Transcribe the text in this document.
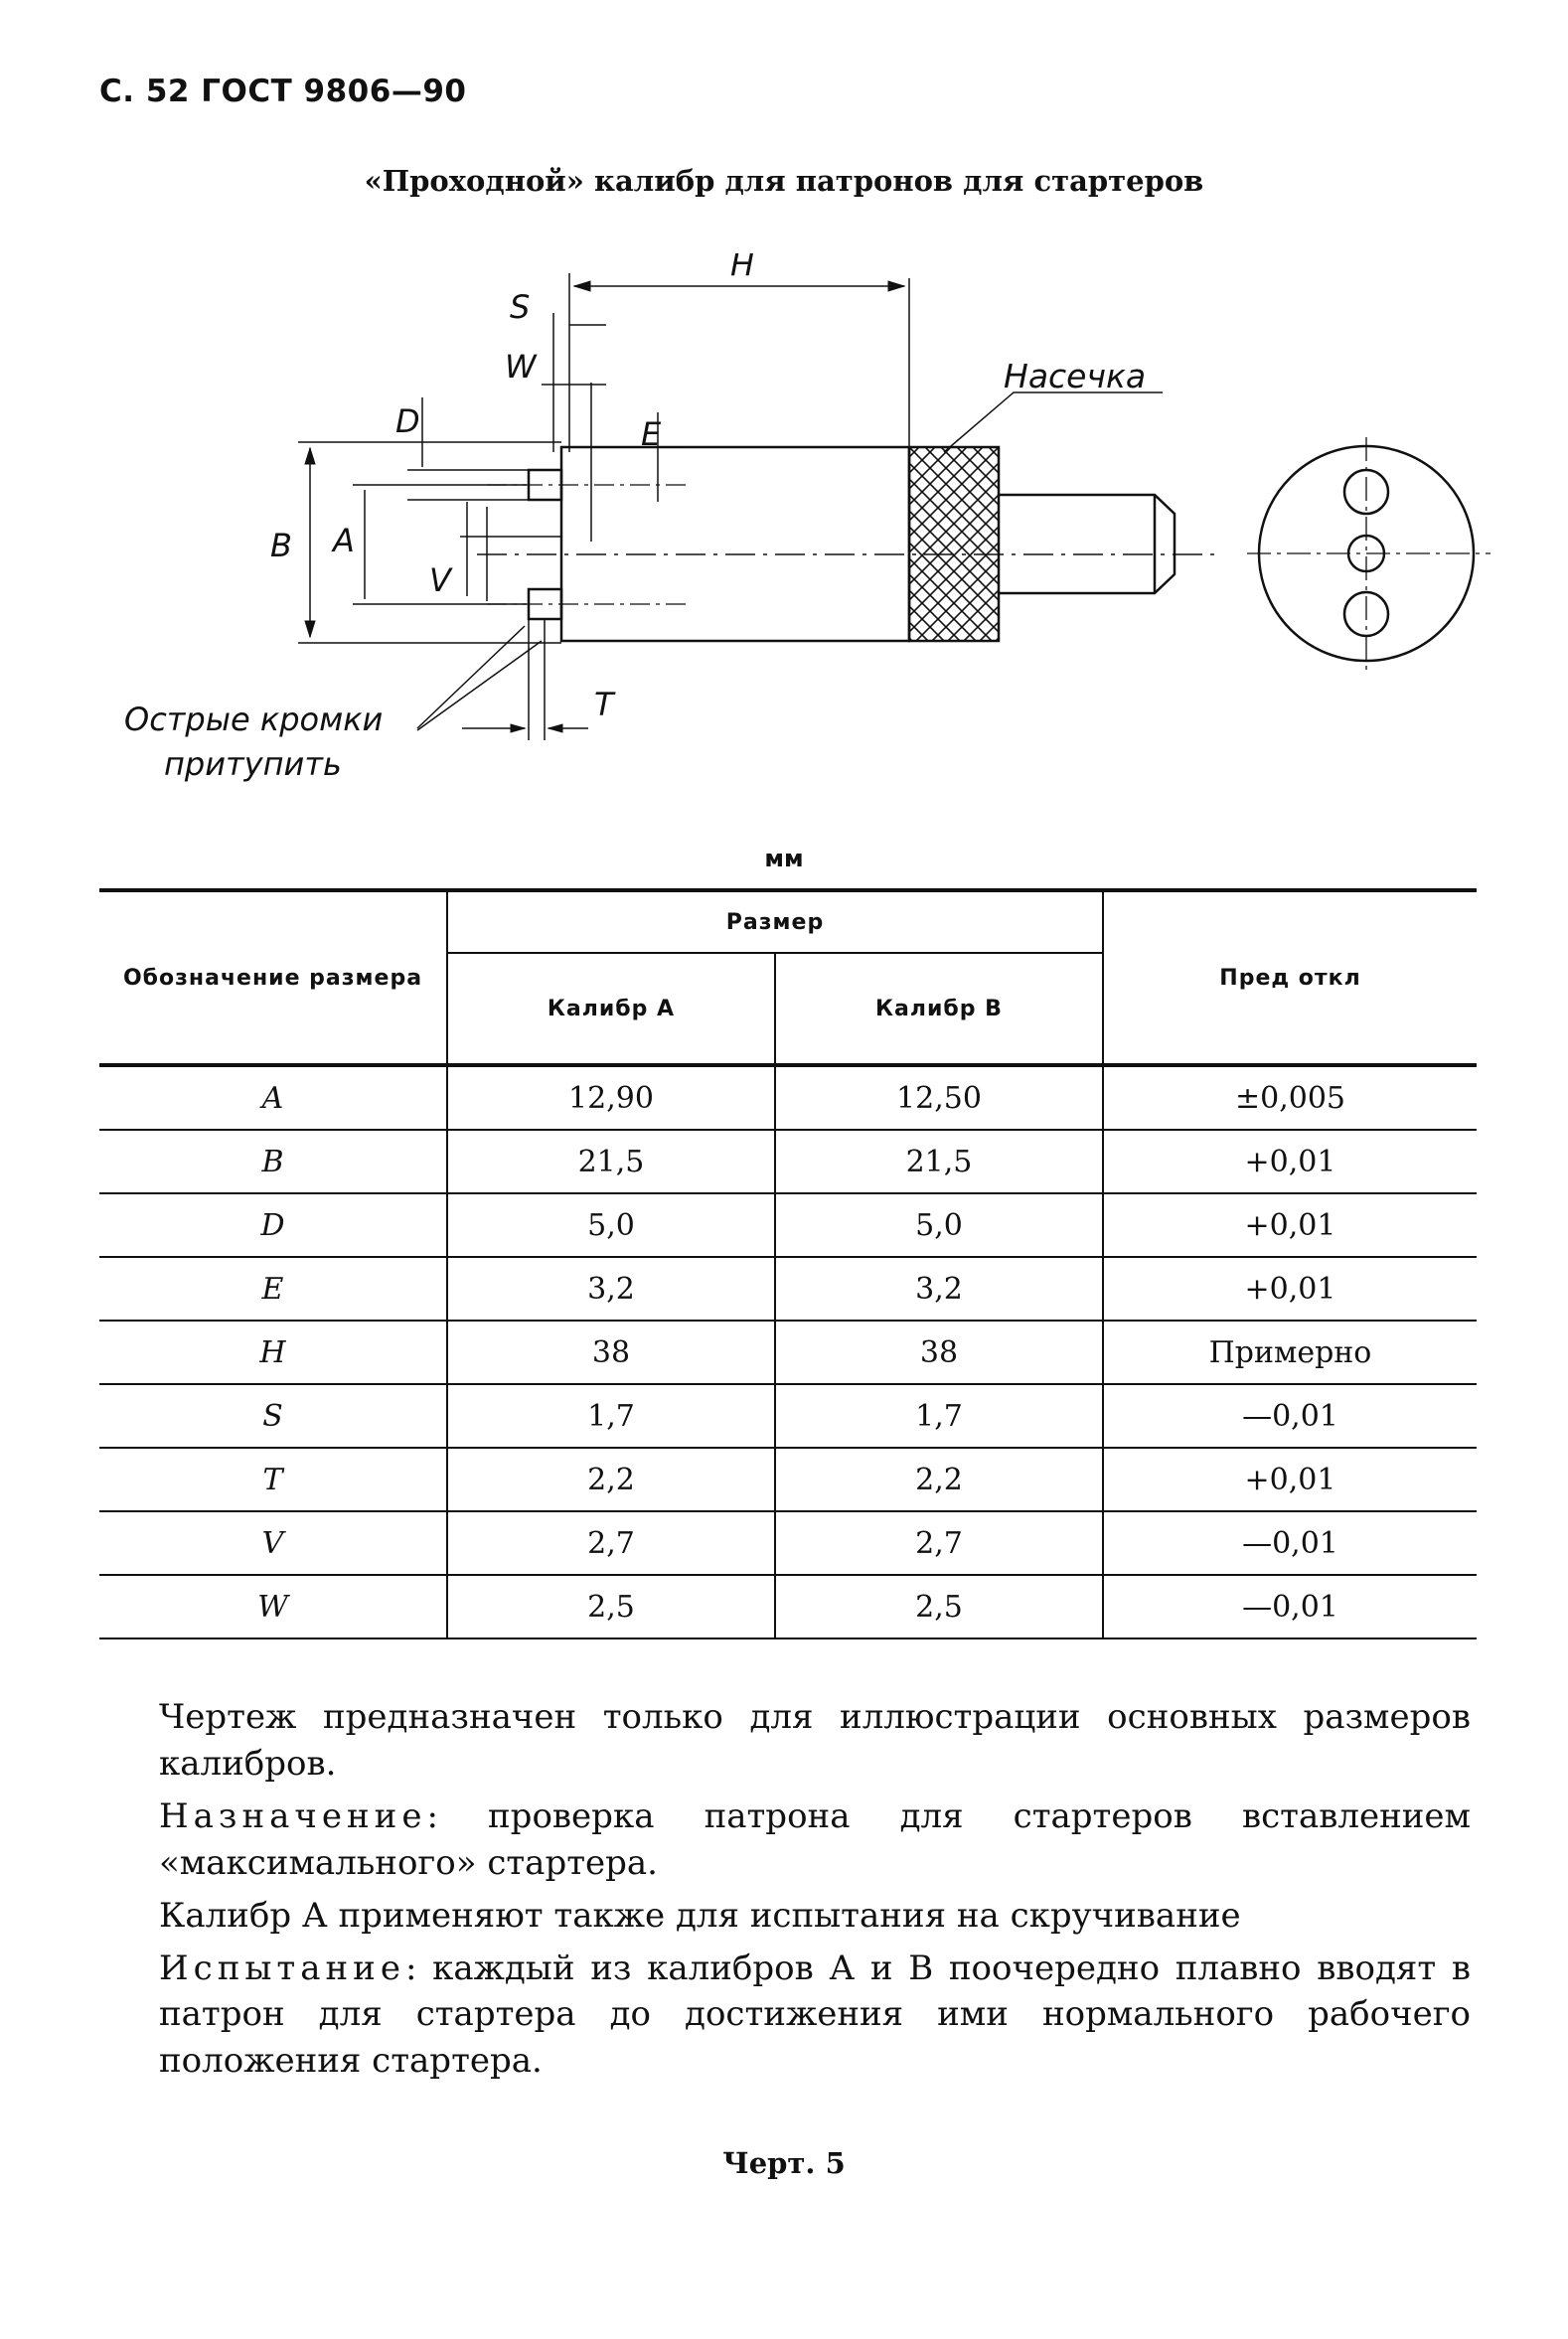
С. 52 ГОСТ 9806—90
«Проходной» калибр для патронов для стартеров
H
S
W
D	E
B A
V
T
Насечка
Острые кромки
притупить
мм
Обозначение размера	Размер		Пред откл
	Калибр А	Калибр В	
A	12,90	12,50	±0,005
B	21,5	21,5	+0,01
D	5,0	5,0	+0,01
E	3,2	3,2	+0,01
H	38	38	Примерно
S	1,7	1,7	—0,01
T	2,2	2,2	+0,01
V	2,7	2,7	—0,01
W	2,5	2,5	—0,01

Чертеж предназначен только для иллюстрации основных размеров калибров.

Назначение: проверка патрона для стартеров вставлением «максимального» стартера.

Калибр А применяют также для испытания на скручивание

Испытание: каждый из калибров А и В поочередно плавно вводят в патрон для стартера до достижения ими нормального рабочего положения стартера.

Черт. 5
